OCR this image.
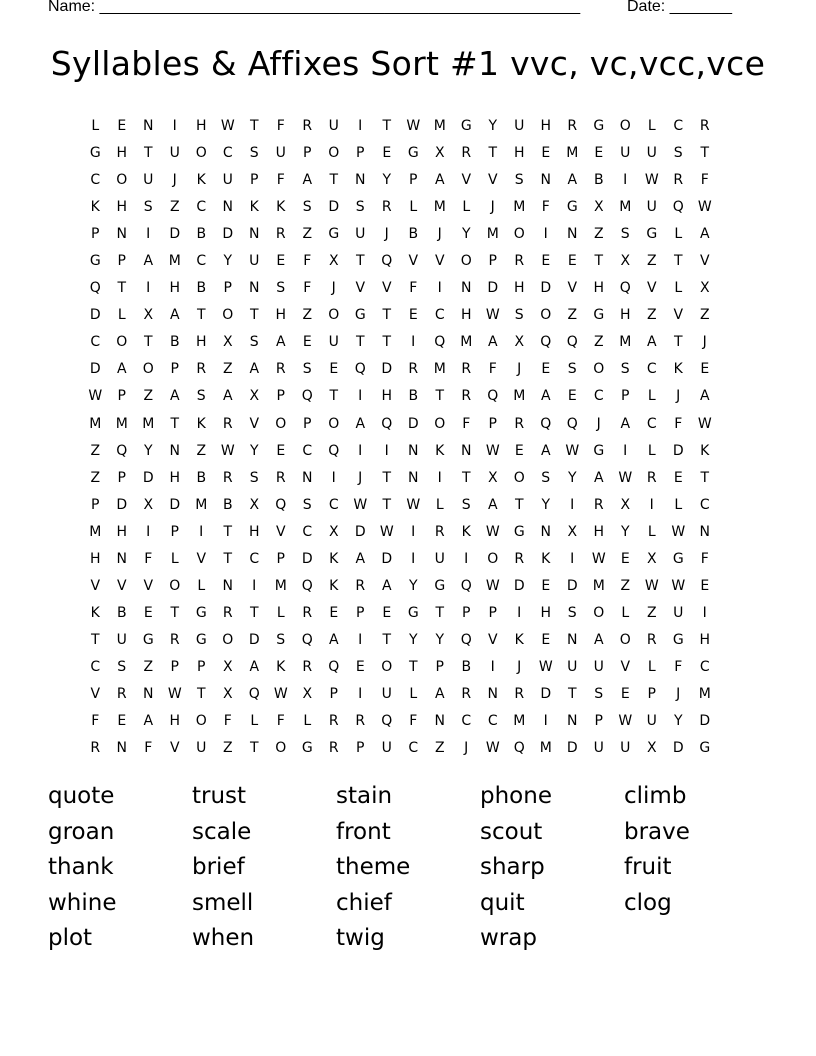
Name: ______________________________________________________	Date: _______
Syllables & Affixes Sort #1 vvc, vc,vcc,vce
L	E	N	I	H	W	T	F	R	U	I	T	W M	G	Y	U	H	R	G	O	L	C	R
G	H	T	U	O	C	S	U	P	O	P	E	G	X	R	T	H	E	M	E	U	U	S	T
C	O	U	J	K	U	P	F	A	T	N	Y	P	A	V	V	S	N	A	B	I	W	R	F
K	H	S	Z	C	N	K	K	S	D	S	R	L	M	L	J	M	F	G	X	M	U	Q	W
P	N	I	D	B	D	N	R	Z	G	U	J	B	J	Y	M	O	I	N	Z	S	G	L	A
G	P	A	M	C	Y	U	E	F	X	T	Q	V	V	O	P	R	E	E	T	X	Z	T	V
Q	T	I	H	B	P	N	S	F	J	V	V	F	I	N	D	H	D	V	H	Q	V	L	X
D	L	X	A	T	O	T	H	Z	O	G	T	E	C	H	W	S	O	Z	G	H	Z	V	Z
C	O	T	B	H	X	S	A	E	U	T	T	I	Q	M	A	X	Q	Q	Z	M	A	T	J
D	A	O	P	R	Z	A	R	S	E	Q	D	R	M	R	F	J	E	S	O	S	C	K	E
W	P	Z	A	S	A	X	P	Q	T	I	H	B	T	R	Q	M	A	E	C	P	L	J	A
M	M	M	T	K	R	V	O	P	O	A	Q	D	O	F	P	R	Q	Q	J	A	C	F	W
Z	Q	Y	N	Z	W	Y	E	C	Q	I	I	N	K	N	W	E	A	W	G	I	L	D	K
Z	P	D	H	B	R	S	R	N	I	J	T	N	I	T	X	O	S	Y	A	W	R	E	T
P	D	X	D	M	B	X	Q	S	C	W	T	W	L	S	A	T	Y	I	R	X	I	L	C
M	H	I	P	I	T	H	V	C	X	D	W	I	R	K	W	G	N	X	H	Y	L	W	N
H	N	F	L	V	T	C	P	D	K	A	D	I	U	I	O	R	K	I	W	E	X	G	F
V	V	V	O	L	N	I	M	Q	K	R	A	Y	G	Q	W	D	E	D	M	Z	W W	E
K	B	E	T	G	R	T	L	R	E	P	E	G	T	P	P	I	H	S	O	L	Z	U	I
T	U	G	R	G	O	D	S	Q	A	I	T	Y	Y	Q	V	K	E	N	A	O	R	G	H
C	S	Z	P	P	X	A	K	R	Q	E	O	T	P	B	I	J	W	U	U	V	L	F	C
V	R	N	W	T	X	Q	W	X	P	I	U	L	A	R	N	R	D	T	S	E	P	J	M
F	E	A	H	O	F	L	F	L	R	R	Q	F	N	C	C	M	I	N	P	W	U	Y	D
R	N	F	V	U	Z	T	O	G	R	P	U	C	Z	J	W	Q	M	D	U	U	X	D	G
quote	trust	stain	phone	climb
groan	scale	front	scout	brave
thank	brief	theme	sharp	fruit
whine	smell	chief	quit	clog
plot	when	twig	wrap
